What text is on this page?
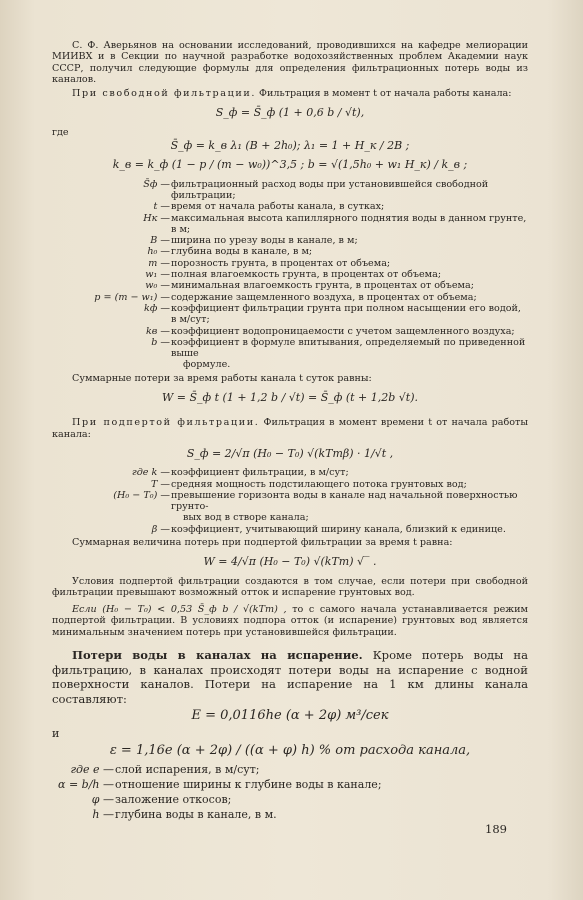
С. Ф. Аверьянов на основании исследований, проводившихся на кафедре мелиорации МИИВХ и в Секции по научной разработке водохозяйственных проблем Академии наук СССР, получил следующие формулы для определения фильтрационных потерь воды из каналов.

При свободной фильтрации. Фильтрация в момент t от начала работы канала:

S_ф = S̄_ф (1 + 0,6 b / √t),
где
S̄_ф = k_в λ₁ (B + 2h₀); λ₁ = 1 + H_к / 2B ;
k_в = k_ф (1 − p / (m − w₀))^3,5 ; b = √(1,5h₀ + w₁ H_к) / k_в ;
S̄ф — фильтрационный расход воды при установившейся свободной фильтрации;
t — время от начала работы канала, в сутках;
Hк — максимальная высота капиллярного поднятия воды в данном грунте, в м;
B — ширина по урезу воды в канале, в м;
h₀ — глубина воды в канале, в м;
m — порозность грунта, в процентах от объема;
w₁ — полная влагоемкость грунта, в процентах от объема;
w₀ — минимальная влагоемкость грунта, в процентах от объема;
p = (m − w₁) — содержание защемленного воздуха, в процентах от объема;
kф — коэффициент фильтрации грунта при полном насыщении его водой, в м/сут;
kв — коэффициент водопроницаемости с учетом защемленного воздуха;
b — коэффициент в формуле впитывания, определяемый по приведенной выше
формуле.

Суммарные потери за время работы канала t суток равны:

W = S̄_ф t (1 + 1,2 b / √t) = S̄_ф (t + 1,2b √t).

При подпертой фильтрации. Фильтрация в момент времени t от начала работы канала:

S_ф = 2/√π (H₀ − T₀) √(kTmβ) · 1/√t ,
где k — коэффициент фильтрации, в м/сут;
T — средняя мощность подстилающего потока грунтовых вод;
(H₀ − T₀) — превышение горизонта воды в канале над начальной поверхностью грунто-
вых вод в створе канала;
β — коэффициент, учитывающий ширину канала, близкий к единице.

Суммарная величина потерь при подпертой фильтрации за время t равна:

W = 4/√π (H₀ − T₀) √(kTm) √‾ .

Условия подпертой фильтрации создаются в том случае, если потери при свободной фильтрации превышают возможный отток и испарение грунтовых вод.

Если (H₀ − T₀) < 0,53 S̄_ф b / √(kTm) , то с самого начала устанавливается режим подпертой фильтрации. В условиях подпора отток (и испарение) грунтовых вод является минимальным значением потерь при установившейся фильтрации.

Потери воды в каналах на испарение. Кроме потерь воды на фильтрацию, в каналах происходят потери воды на испарение с водной поверхности каналов. Потери на испарение на 1 км длины канала составляют:

E = 0,0116he (α + 2φ) м³/сек
и
ε = 1,16e (α + 2φ) / ((α + φ) h) % от расхода канала,
где e — слой испарения, в м/сут;
α = b/h — отношение ширины к глубине воды в канале;
φ — заложение откосов;
h — глубина воды в канале, в м.
189
